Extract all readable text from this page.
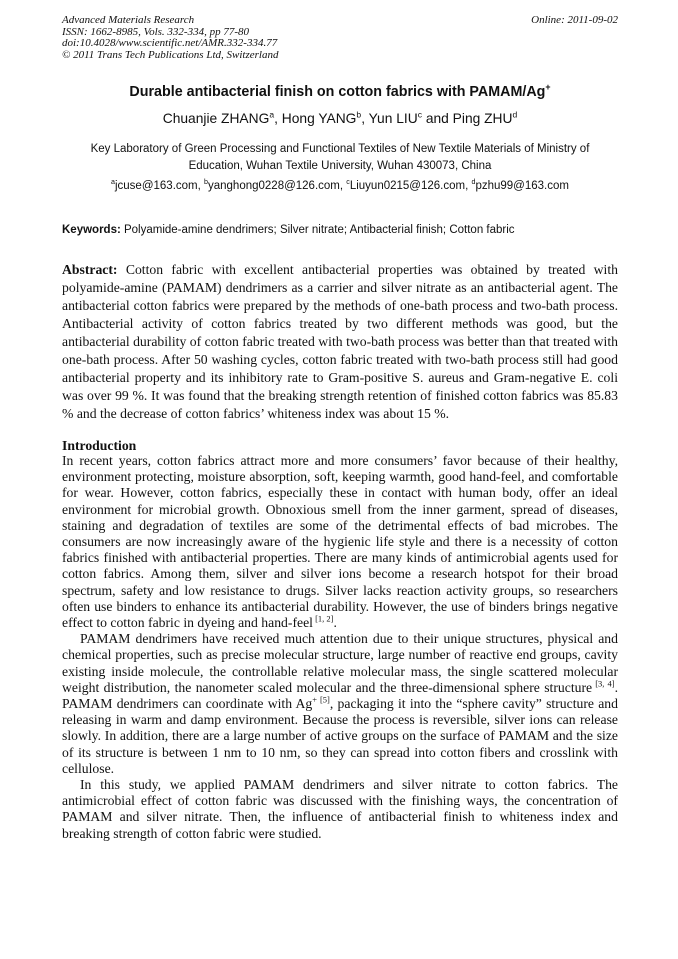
Advanced Materials Research
ISSN: 1662-8985, Vols. 332-334, pp 77-80
doi:10.4028/www.scientific.net/AMR.332-334.77
© 2011 Trans Tech Publications Ltd, Switzerland
Online: 2011-09-02
Durable antibacterial finish on cotton fabrics with PAMAM/Ag+
Chuanjie ZHANG$^a$, Hong YANG$^b$, Yun LIU$^c$ and Ping ZHU$^d$
Key Laboratory of Green Processing and Functional Textiles of New Textile Materials of Ministry of Education, Wuhan Textile University, Wuhan 430073, China
$^a$jcuse@163.com, $^b$yanghong0228@126.com, $^c$Liuyun0215@126.com, $^d$pzhu99@163.com
Keywords: Polyamide-amine dendrimers; Silver nitrate; Antibacterial finish; Cotton fabric

Abstract: Cotton fabric with excellent antibacterial properties was obtained by treated with polyamide-amine (PAMAM) dendrimers as a carrier and silver nitrate as an antibacterial agent. The antibacterial cotton fabrics were prepared by the methods of one-bath process and two-bath process. Antibacterial activity of cotton fabrics treated by two different methods was good, but the antibacterial durability of cotton fabric treated with two-bath process was better than that treated with one-bath process. After 50 washing cycles, cotton fabric treated with two-bath process still had good antibacterial property and its inhibitory rate to Gram-positive S. aureus and Gram-negative E. coli was over 99 %. It was found that the breaking strength retention of finished cotton fabrics was 85.83 % and the decrease of cotton fabrics’ whiteness index was about 15 %.

Introduction

In recent years, cotton fabrics attract more and more consumers’ favor because of their healthy, environment protecting, moisture absorption, soft, keeping warmth, good hand-feel, and comfortable for wear. However, cotton fabrics, especially these in contact with human body, offer an ideal environment for microbial growth. Obnoxious smell from the inner garment, spread of diseases, staining and degradation of textiles are some of the detrimental effects of bad microbes. The consumers are now increasingly aware of the hygienic life style and there is a necessity of cotton fabrics finished with antibacterial properties. There are many kinds of antimicrobial agents used for cotton fabrics. Among them, silver and silver ions become a research hotspot for their broad spectrum, safety and low resistance to drugs. Silver lacks reaction activity groups, so researchers often use binders to enhance its antibacterial durability. However, the use of binders brings negative effect to cotton fabric in dyeing and hand-feel [1, 2].

PAMAM dendrimers have received much attention due to their unique structures, physical and chemical properties, such as precise molecular structure, large number of reactive end groups, cavity existing inside molecule, the controllable relative molecular mass, the single scattered molecular weight distribution, the nanometer scaled molecular and the three-dimensional sphere structure [3, 4]. PAMAM dendrimers can coordinate with $Ag^{+ [5]}$, packaging it into the “sphere cavity” structure and releasing in warm and damp environment. Because the process is reversible, silver ions can release slowly. In addition, there are a large number of active groups on the surface of PAMAM and the size of its structure is between 1 nm to 10 nm, so they can spread into cotton fibers and crosslink with cellulose.

In this study, we applied PAMAM dendrimers and silver nitrate to cotton fabrics. The antimicrobial effect of cotton fabric was discussed with the finishing ways, the concentration of PAMAM and silver nitrate. Then, the influence of antibacterial finish to whiteness index and breaking strength of cotton fabric were studied.
